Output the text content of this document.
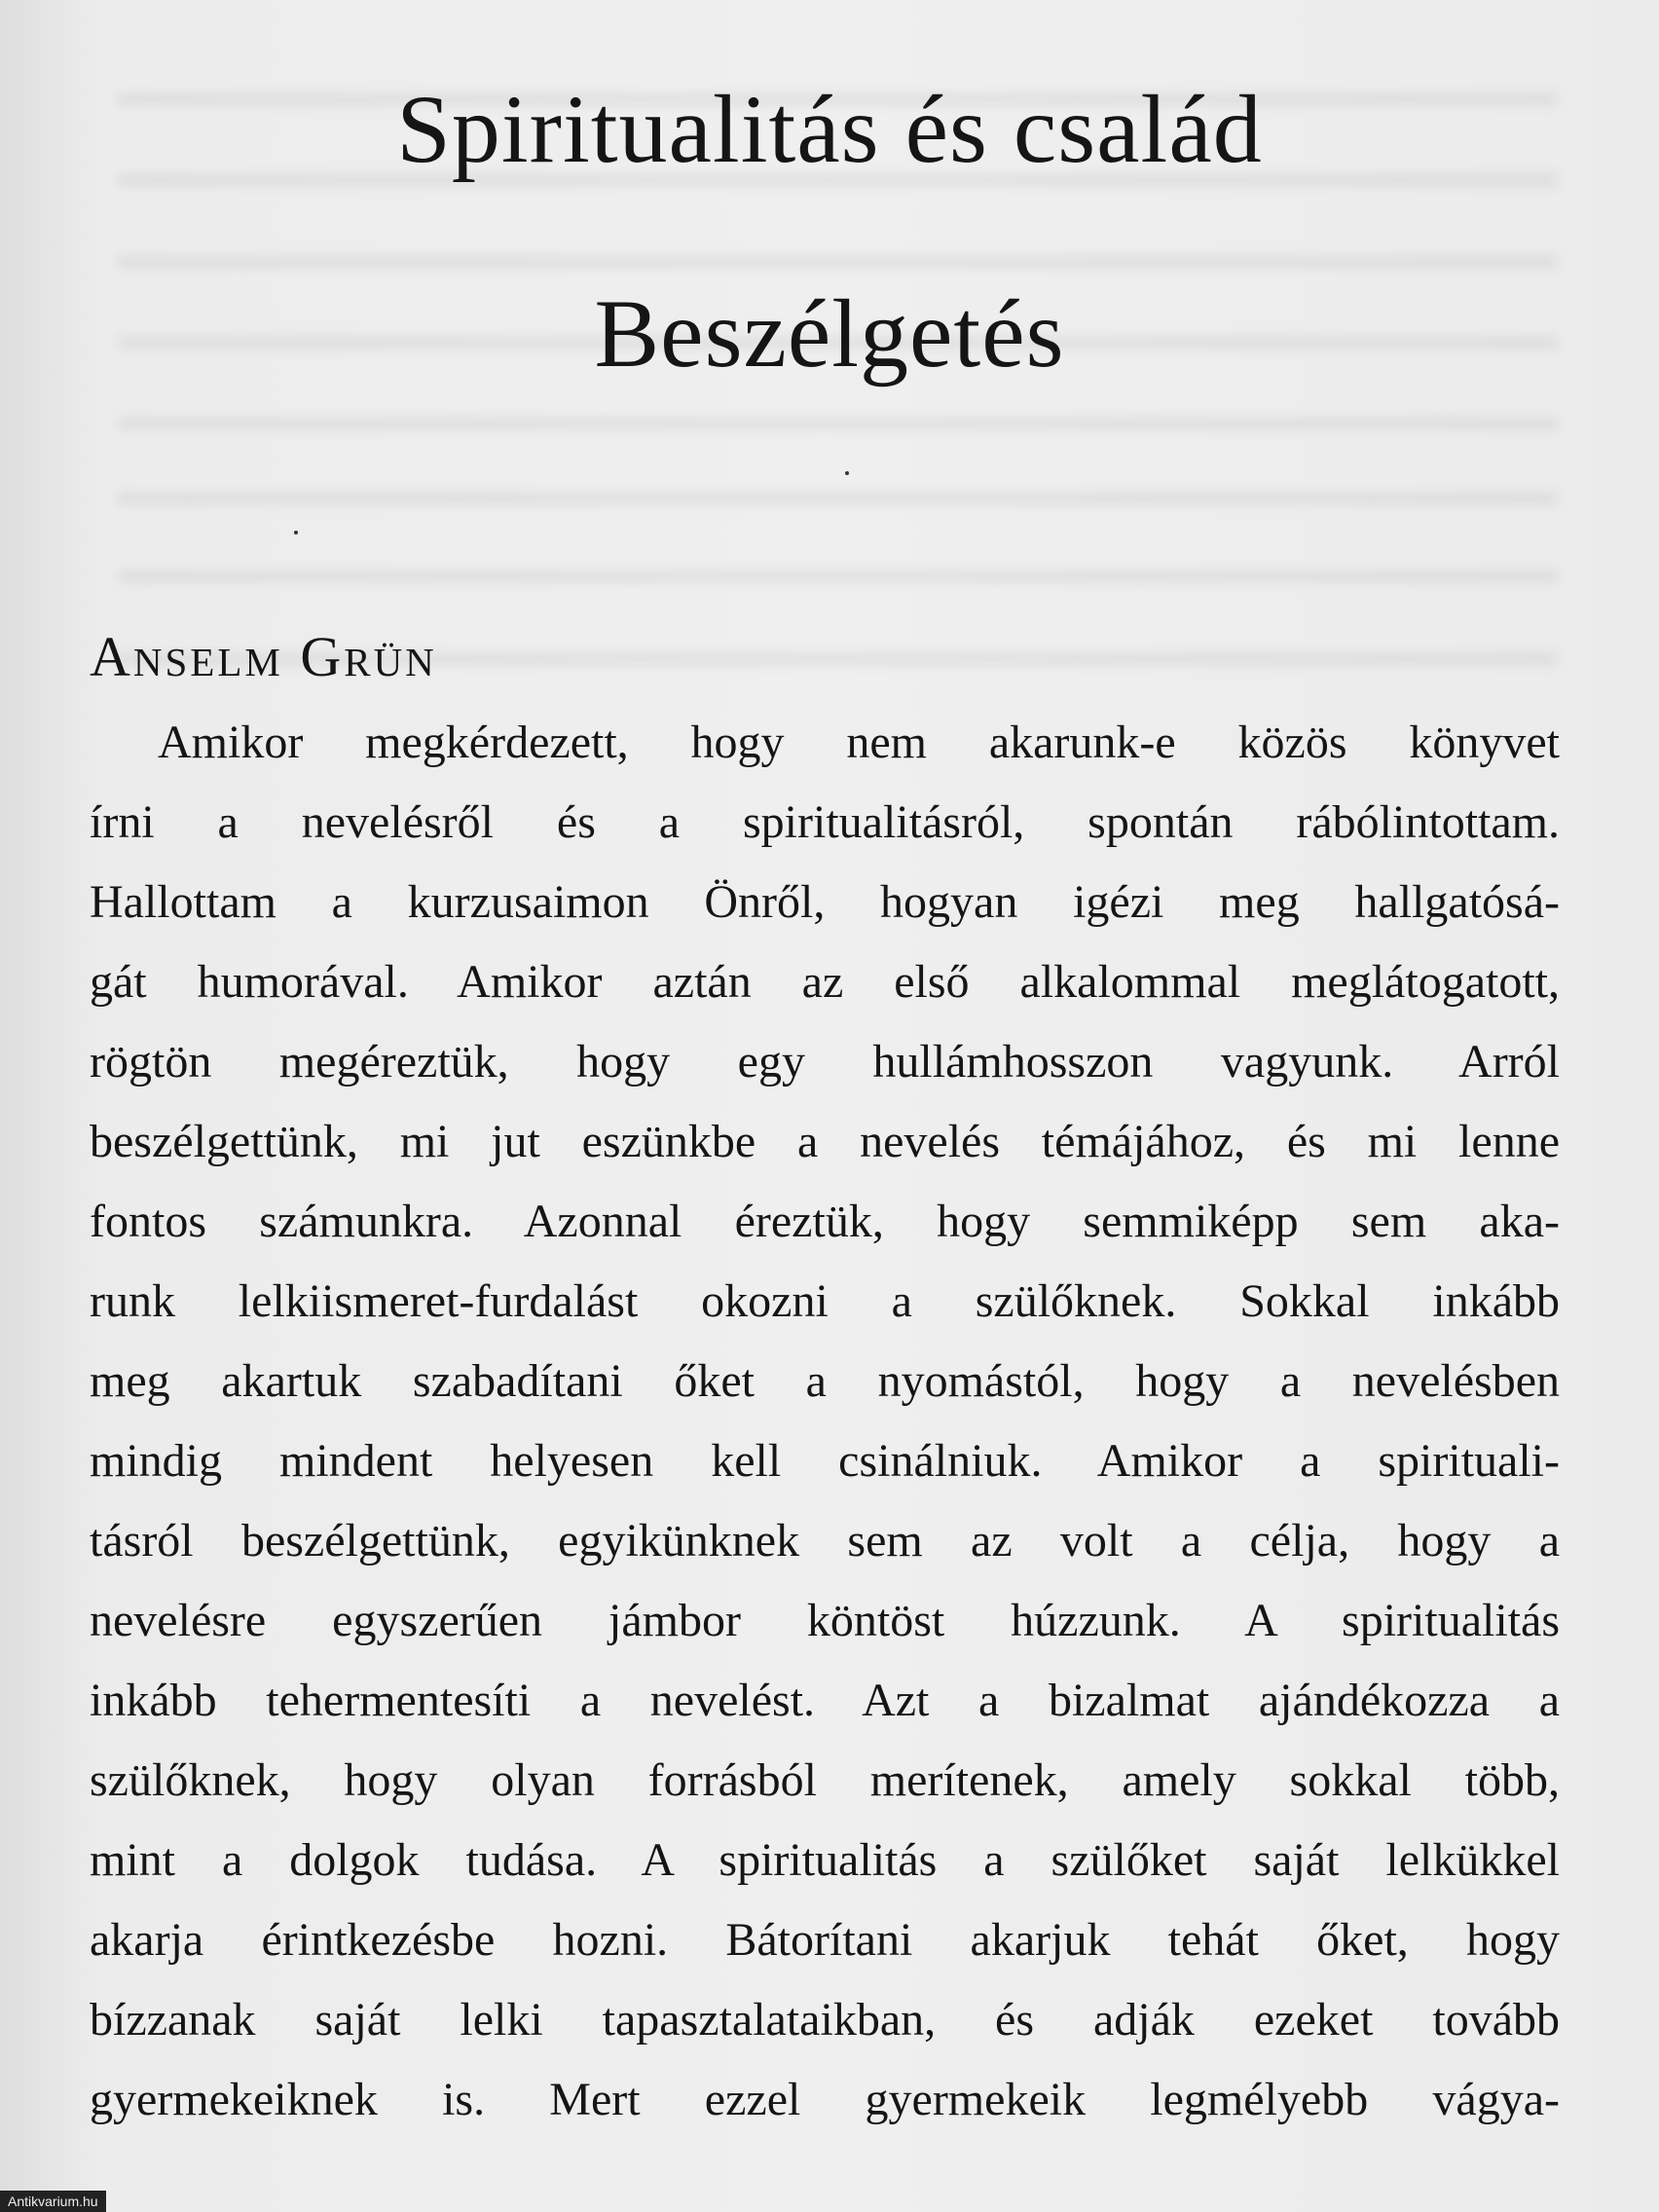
Spiritualitás és család
Beszélgetés
Anselm Grün
Amikor megkérdezett, hogy nem akarunk-e közös könyvet
írni a nevelésről és a spiritualitásról, spontán rábólintottam.
Hallottam a kurzusaimon Önről, hogyan igézi meg hallgatósá-
gát humorával. Amikor aztán az első alkalommal meglátogatott,
rögtön megéreztük, hogy egy hullámhosszon vagyunk. Arról
beszélgettünk, mi jut eszünkbe a nevelés témájához, és mi lenne
fontos számunkra. Azonnal éreztük, hogy semmiképp sem aka-
runk lelkiismeret-furdalást okozni a szülőknek. Sokkal inkább
meg akartuk szabadítani őket a nyomástól, hogy a nevelésben
mindig mindent helyesen kell csinálniuk. Amikor a spirituali-
tásról beszélgettünk, egyikünknek sem az volt a célja, hogy a
nevelésre egyszerűen jámbor köntöst húzzunk. A spiritualitás
inkább tehermentesíti a nevelést. Azt a bizalmat ajándékozza a
szülőknek, hogy olyan forrásból merítenek, amely sokkal több,
mint a dolgok tudása. A spiritualitás a szülőket saját lelkükkel
akarja érintkezésbe hozni. Bátorítani akarjuk tehát őket, hogy
bízzanak saját lelki tapasztalataikban, és adják ezeket tovább
gyermekeiknek is. Mert ezzel gyermekeik legmélyebb vágya-
Antikvarium.hu
